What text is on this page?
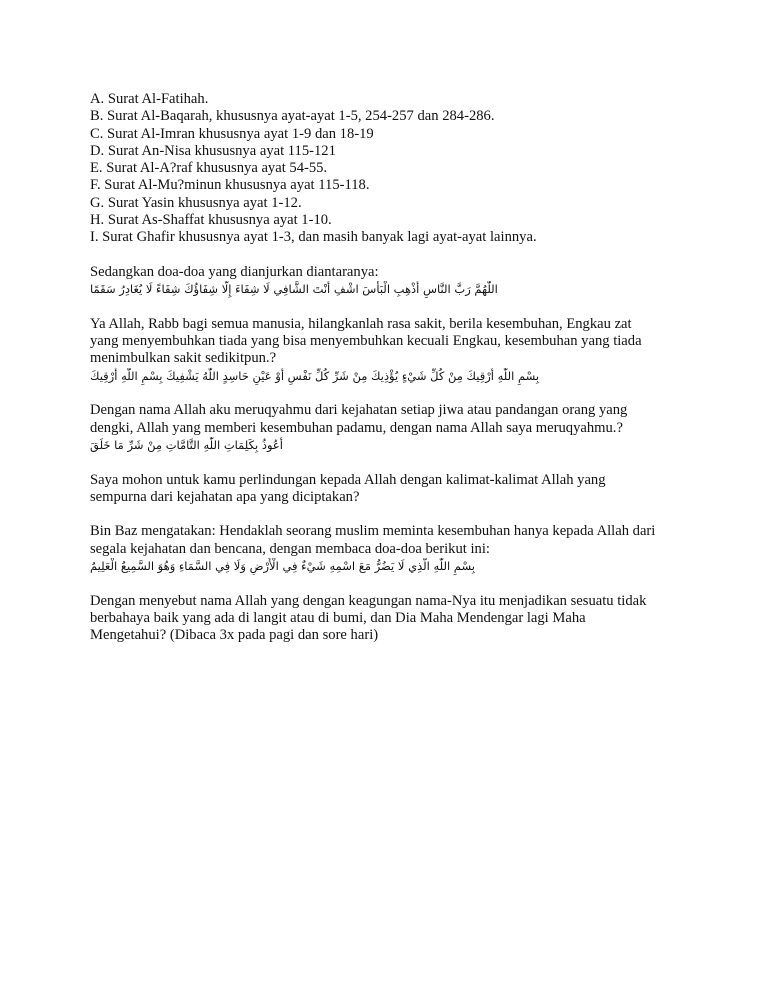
A. Surat Al-Fatihah.
B. Surat Al-Baqarah, khususnya ayat-ayat 1-5, 254-257 dan 284-286.
C. Surat Al-Imran khususnya ayat 1-9 dan 18-19
D. Surat An-Nisa khususnya ayat 115-121
E. Surat Al-A?raf khususnya ayat 54-55.
F. Surat Al-Mu?minun khususnya ayat 115-118.
G. Surat Yasin khususnya ayat 1-12.
H. Surat As-Shaffat khususnya ayat 1-10.
I. Surat Ghafir khususnya ayat 1-3, dan masih banyak lagi ayat-ayat lainnya.
Sedangkan doa-doa yang dianjurkan diantaranya:
اللّٰهُمَّ رَبَّ النَّاسِ أَذْهِبِ الْبَأْسَ اشْفِ أَنْتَ الشَّافِي لَا شِفَاءَ إِلَّا شِفَاؤُكَ شِفَاءً لَا يُغَادِرُ سَقَمًا
Ya Allah, Rabb bagi semua manusia, hilangkanlah rasa sakit, berila kesembuhan, Engkau zat
yang menyembuhkan tiada yang bisa menyembuhkan kecuali Engkau, kesembuhan yang tiada
menimbulkan sakit sedikitpun.?
بِسْمِ اللّٰهِ أَرْقِيكَ مِنْ كُلِّ شَيْءٍ يُؤْذِيكَ مِنْ شَرِّ كُلِّ نَفْسٍ أَوْ عَيْنِ حَاسِدٍ اللّٰهُ يَشْفِيكَ بِسْمِ اللّٰهِ أَرْقِيكَ
Dengan nama Allah aku meruqyahmu dari kejahatan setiap jiwa atau pandangan orang yang
dengki, Allah yang memberi kesembuhan padamu, dengan nama Allah saya meruqyahmu.?
أَعُوذُ بِكَلِمَاتِ اللّٰهِ التَّامَّاتِ مِنْ شَرِّ مَا خَلَقَ
Saya mohon untuk kamu perlindungan kepada Allah dengan kalimat-kalimat Allah yang
sempurna dari kejahatan apa yang diciptakan?
Bin Baz mengatakan: Hendaklah seorang muslim meminta kesembuhan hanya kepada Allah dari
segala kejahatan dan bencana, dengan membaca doa-doa berikut ini:
بِسْمِ اللّٰهِ الَّذِي لَا يَضُرُّ مَعَ اسْمِهِ شَيْءٌ فِي الْأَرْضِ وَلَا فِي السَّمَاءِ وَهُوَ السَّمِيعُ الْعَلِيمُ
Dengan menyebut nama Allah yang dengan keagungan nama-Nya itu menjadikan sesuatu tidak
berbahaya baik yang ada di langit atau di bumi, dan Dia Maha Mendengar lagi Maha
Mengetahui? (Dibaca 3x pada pagi dan sore hari)
